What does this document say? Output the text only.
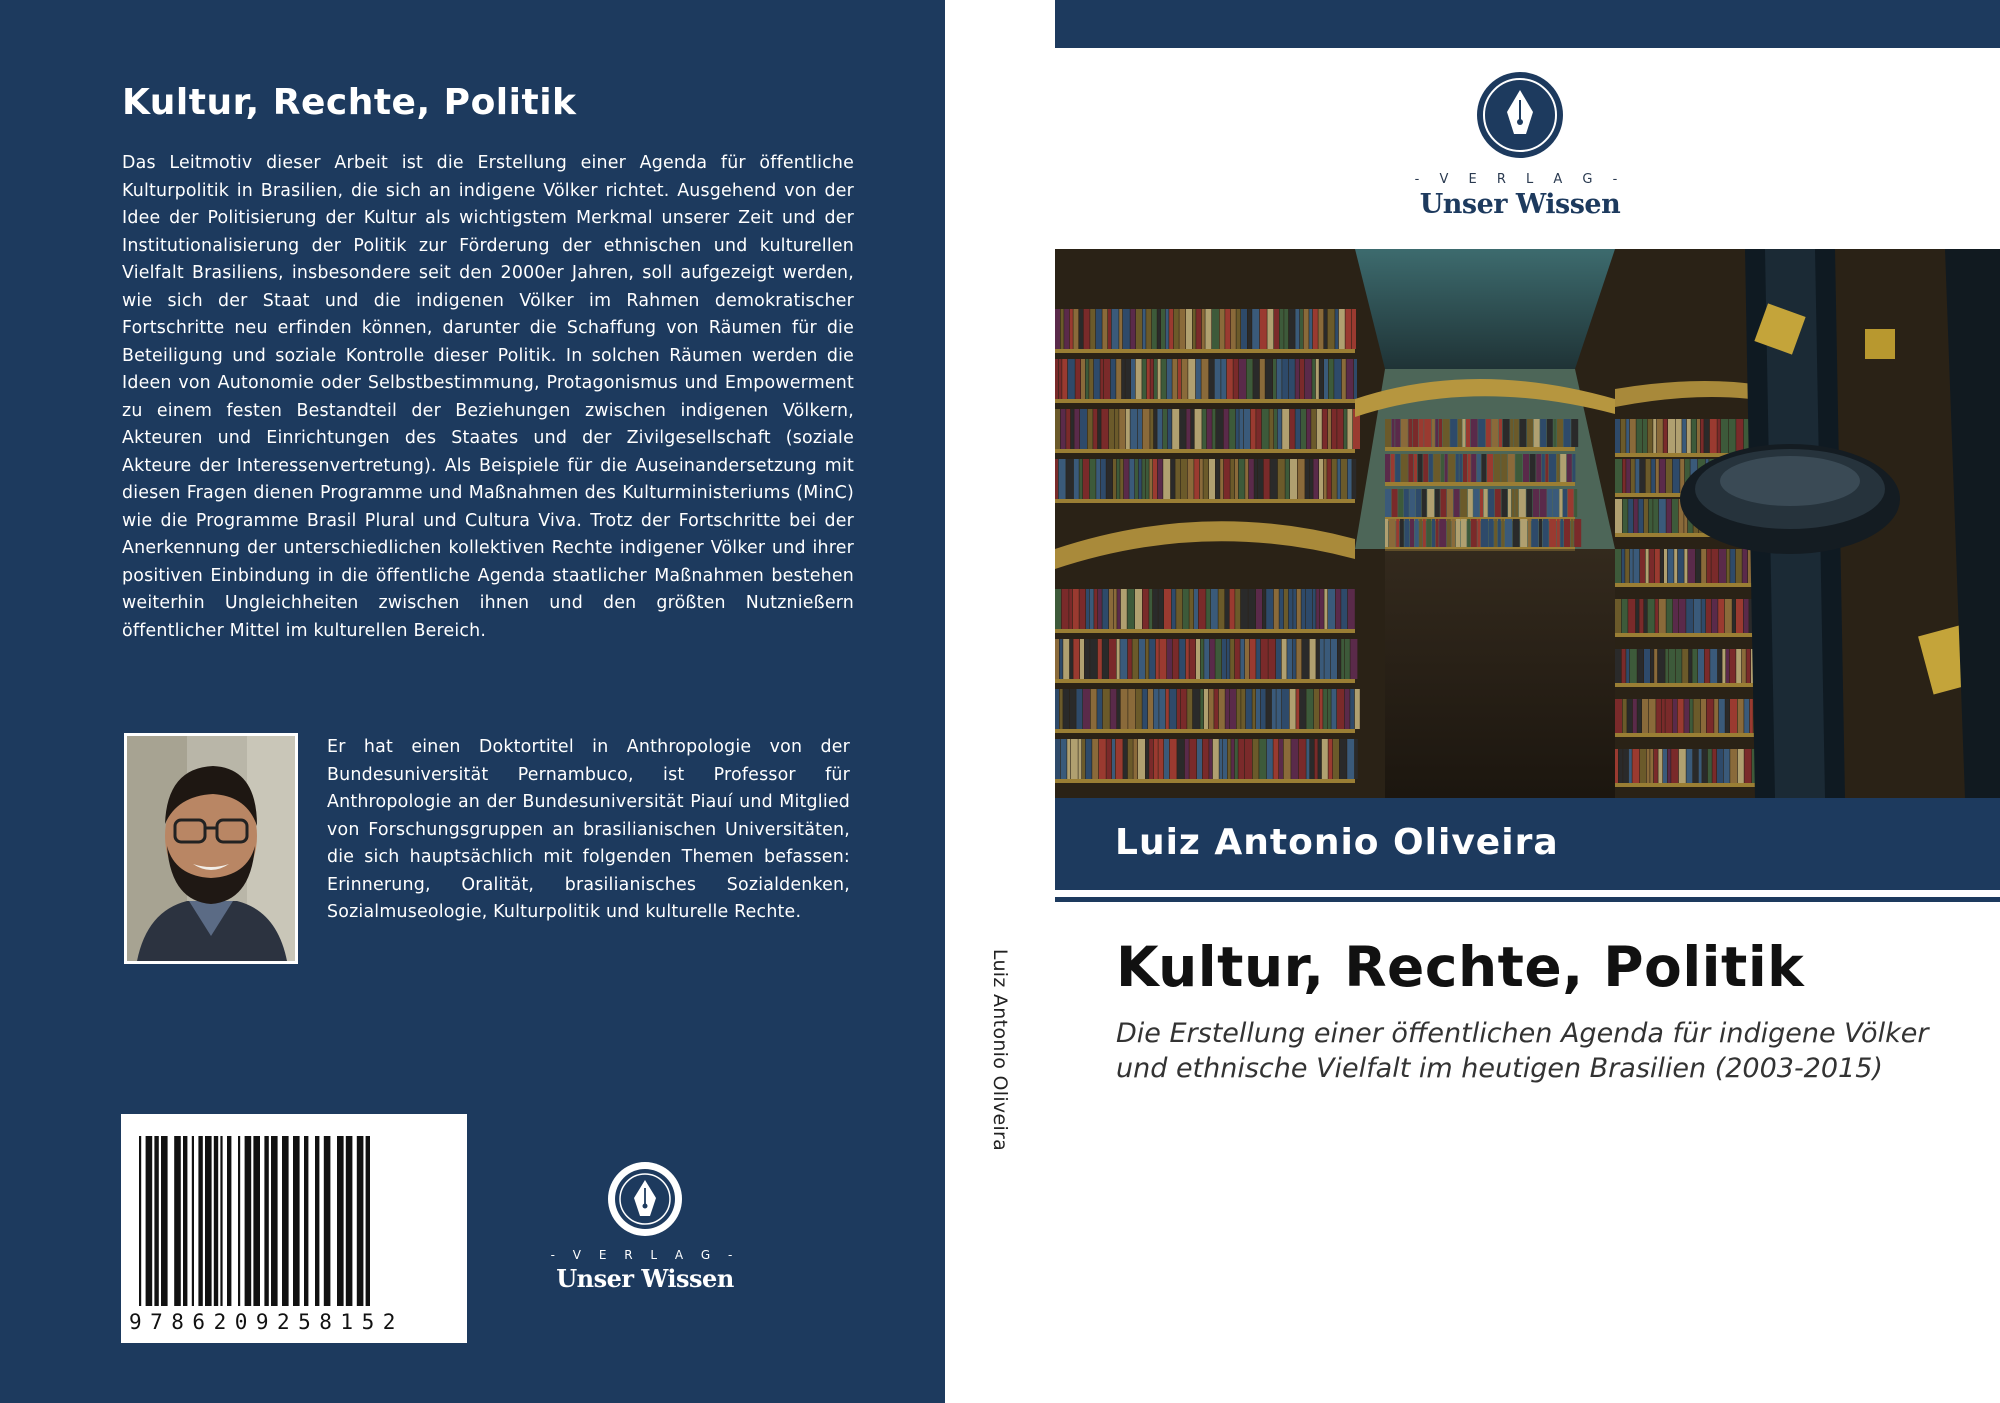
Kultur, Rechte, Politik

Das Leitmotiv dieser Arbeit ist die Erstellung einer Agenda für öffentliche Kulturpolitik in Brasilien, die sich an indigene Völker richtet. Ausgehend von der Idee der Politisierung der Kultur als wichtigstem Merkmal unserer Zeit und der Institutionalisierung der Politik zur Förderung der ethnischen und kulturellen Vielfalt Brasiliens, insbesondere seit den 2000er Jahren, soll aufgezeigt werden, wie sich der Staat und die indigenen Völker im Rahmen demokratischer Fortschritte neu erfinden können, darunter die Schaffung von Räumen für die Beteiligung und soziale Kontrolle dieser Politik. In solchen Räumen werden die Ideen von Autonomie oder Selbstbestimmung, Protagonismus und Empowerment zu einem festen Bestandteil der Beziehungen zwischen indigenen Völkern, Akteuren und Einrichtungen des Staates und der Zivilgesellschaft (soziale Akteure der Interessenvertretung). Als Beispiele für die Auseinandersetzung mit diesen Fragen dienen Programme und Maßnahmen des Kulturministeriums (MinC) wie die Programme Brasil Plural und Cultura Viva. Trotz der Fortschritte bei der Anerkennung der unterschiedlichen kollektiven Rechte indigener Völker und ihrer positiven Einbindung in die öffentliche Agenda staatlicher Maßnahmen bestehen weiterhin Ungleichheiten zwischen ihnen und den größten Nutznießern öffentlicher Mittel im kulturellen Bereich.

Er hat einen Doktortitel in Anthropologie von der Bundesuniversität Pernambuco, ist Professor für Anthropologie an der Bundesuniversität Piauí und Mitglied von Forschungsgruppen an brasilianischen Universitäten, die sich hauptsächlich mit folgenden Themen befassen: Erinnerung, Oralität, brasilianisches Sozialdenken, Sozialmuseologie, Kulturpolitik und kulturelle Rechte.

9786209258152
- V E R L A G -
Unser Wissen
Luiz Antonio Oliveira
- V E R L A G -
Unser Wissen
Luiz Antonio Oliveira
Kultur, Rechte, Politik

Die Erstellung einer öffentlichen Agenda für indigene Völker und ethnische Vielfalt im heutigen Brasilien (2003-2015)
